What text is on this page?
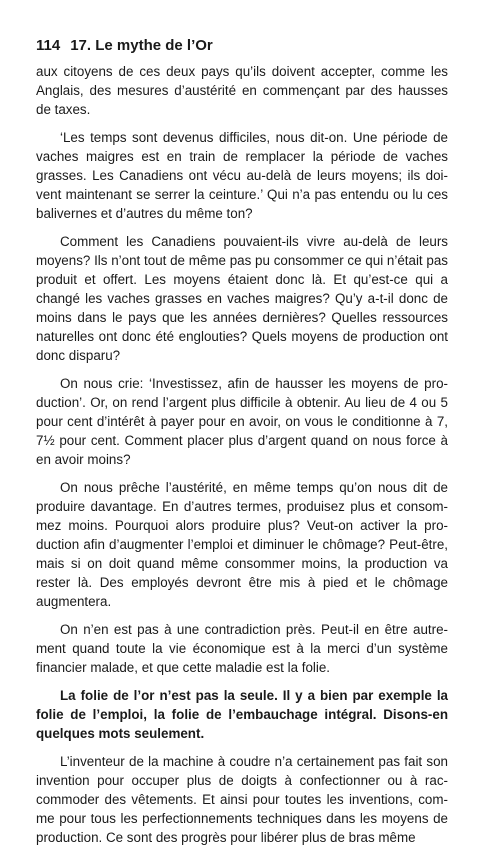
114 17. Le mythe de l’Or

aux citoyens de ces deux pays qu’ils doivent accepter, comme les Anglais, des mesures d’austérité en commençant par des hausses de taxes.

‘Les temps sont devenus difficiles, nous dit-on. Une période de vaches maigres est en train de remplacer la période de vaches grasses. Les Canadiens ont vécu au-delà de leurs moyens; ils doivent maintenant se serrer la ceinture.’ Qui n’a pas entendu ou lu ces balivernes et d’autres du même ton?

Comment les Canadiens pouvaient-ils vivre au-delà de leurs moyens? Ils n’ont tout de même pas pu consommer ce qui n’était pas produit et offert. Les moyens étaient donc là. Et qu’est-ce qui a changé les vaches grasses en vaches maigres? Qu’y a-t-il donc de moins dans le pays que les années dernières? Quelles ressources naturelles ont donc été englouties? Quels moyens de production ont donc disparu?

On nous crie: ‘Investissez, afin de hausser les moyens de production’. Or, on rend l’argent plus difficile à obtenir. Au lieu de 4 ou 5 pour cent d’intérêt à payer pour en avoir, on vous le conditionne à 7, 7½ pour cent. Comment placer plus d’argent quand on nous force à en avoir moins?

On nous prêche l’austérité, en même temps qu’on nous dit de produire davantage. En d’autres termes, produisez plus et consommez moins. Pourquoi alors produire plus? Veut-on activer la production afin d’augmenter l’emploi et diminuer le chômage? Peut-être, mais si on doit quand même consommer moins, la production va rester là. Des employés devront être mis à pied et le chômage augmentera.

On n’en est pas à une contradiction près. Peut-il en être autrement quand toute la vie économique est à la merci d’un système financier malade, et que cette maladie est la folie.

La folie de l’or n’est pas la seule. Il y a bien par exemple la folie de l’emploi, la folie de l’embauchage intégral. Disons-en quelques mots seulement.

L’inventeur de la machine à coudre n’a certainement pas fait son invention pour occuper plus de doigts à confectionner ou à raccommoder des vêtements. Et ainsi pour toutes les inventions, comme pour tous les perfectionnements techniques dans les moyens de production. Ce sont des progrès pour libérer plus de bras même
